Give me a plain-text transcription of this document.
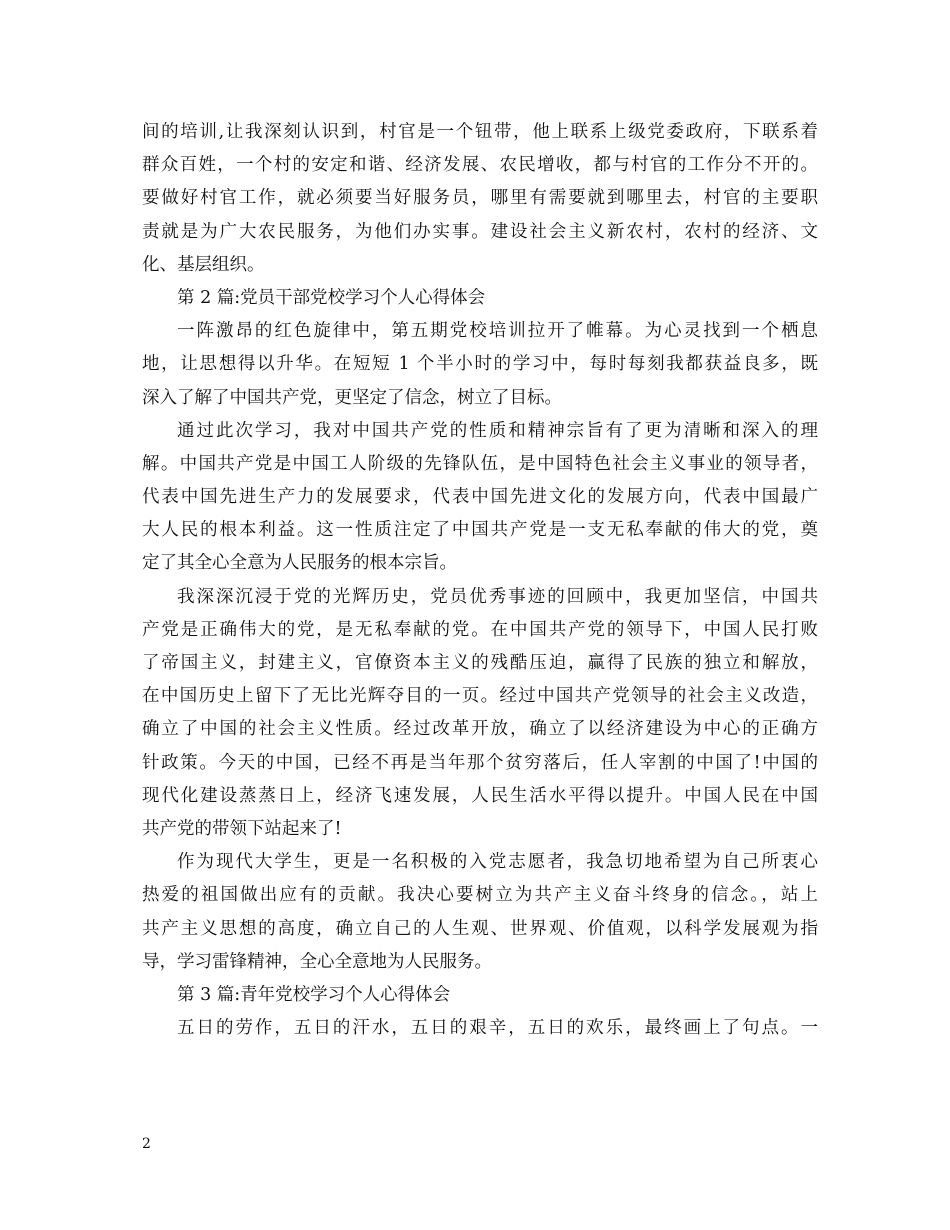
间的培训,让我深刻认识到，村官是一个钮带，他上联系上级党委政府，下联系着
群众百姓，一个村的安定和谐、经济发展、农民增收，都与村官的工作分不开的。
要做好村官工作，就必须要当好服务员，哪里有需要就到哪里去，村官的主要职
责就是为广大农民服务，为他们办实事。建设社会主义新农村，农村的经济、文
化、基层组织。
第 2 篇:党员干部党校学习个人心得体会
一阵激昂的红色旋律中，第五期党校培训拉开了帷幕。为心灵找到一个栖息
地，让思想得以升华。在短短 1 个半小时的学习中，每时每刻我都获益良多，既
深入了解了中国共产党，更坚定了信念，树立了目标。
通过此次学习，我对中国共产党的性质和精神宗旨有了更为清晰和深入的理
解。中国共产党是中国工人阶级的先锋队伍，是中国特色社会主义事业的领导者，
代表中国先进生产力的发展要求，代表中国先进文化的发展方向，代表中国最广
大人民的根本利益。这一性质注定了中国共产党是一支无私奉献的伟大的党，奠
定了其全心全意为人民服务的根本宗旨。
我深深沉浸于党的光辉历史，党员优秀事迹的回顾中，我更加坚信，中国共
产党是正确伟大的党，是无私奉献的党。在中国共产党的领导下，中国人民打败
了帝国主义，封建主义，官僚资本主义的残酷压迫，赢得了民族的独立和解放，
在中国历史上留下了无比光辉夺目的一页。经过中国共产党领导的社会主义改造，
确立了中国的社会主义性质。经过改革开放，确立了以经济建设为中心的正确方
针政策。今天的中国，已经不再是当年那个贫穷落后，任人宰割的中国了!中国的
现代化建设蒸蒸日上，经济飞速发展，人民生活水平得以提升。中国人民在中国
共产党的带领下站起来了!
作为现代大学生，更是一名积极的入党志愿者，我急切地希望为自己所衷心
热爱的祖国做出应有的贡献。我决心要树立为共产主义奋斗终身的信念。，站上
共产主义思想的高度，确立自己的人生观、世界观、价值观，以科学发展观为指
导，学习雷锋精神，全心全意地为人民服务。
第 3 篇:青年党校学习个人心得体会
五日的劳作，五日的汗水，五日的艰辛，五日的欢乐，最终画上了句点。一
2
